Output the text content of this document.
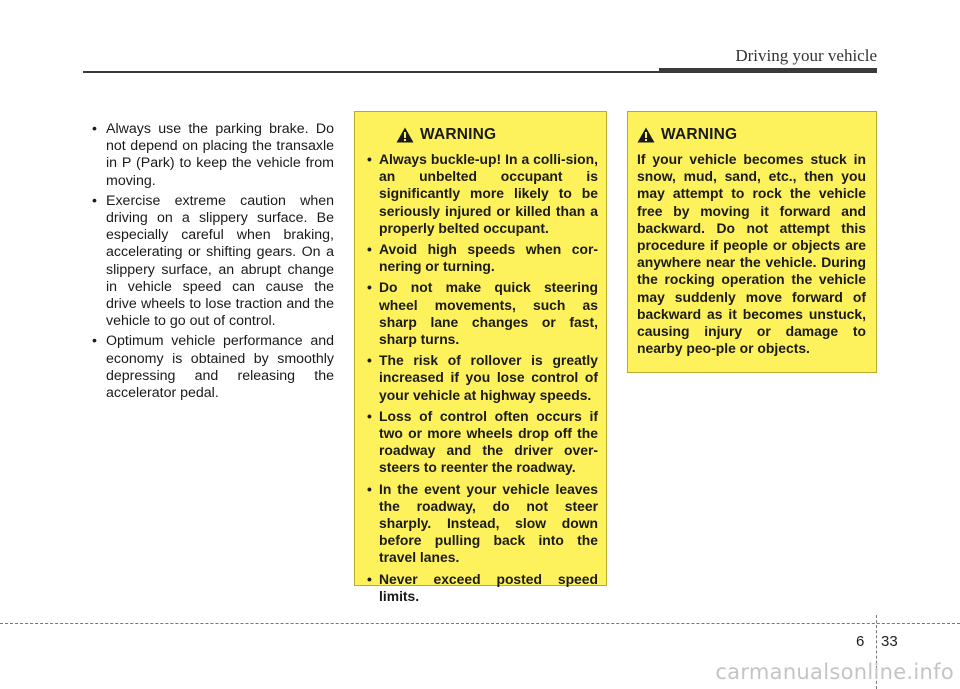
Driving your vehicle
• Always use the parking brake. Do not depend on placing the transaxle in P (Park) to keep the vehicle from moving.
• Exercise extreme caution when driving on a slippery surface. Be especially careful when braking, accelerating or shifting gears. On a slippery surface, an abrupt change in vehicle speed can cause the drive wheels to lose traction and the vehicle to go out of control.
• Optimum vehicle performance and economy is obtained by smoothly depressing and releasing the accelerator pedal.
WARNING
• Always buckle-up! In a colli-sion, an unbelted occupant is significantly more likely to be seriously injured or killed than a properly belted occupant.
• Avoid high speeds when cor-nering or turning.
• Do not make quick steering wheel movements, such as sharp lane changes or fast, sharp turns.
• The risk of rollover is greatly increased if you lose control of your vehicle at highway speeds.
• Loss of control often occurs if two or more wheels drop off the roadway and the driver over-steers to reenter the roadway.
• In the event your vehicle leaves the roadway, do not steer sharply. Instead, slow down before pulling back into the travel lanes.
• Never exceed posted speed limits.
WARNING

If your vehicle becomes stuck in snow, mud, sand, etc., then you may attempt to rock the vehicle free by moving it forward and backward. Do not attempt this procedure if people or objects are anywhere near the vehicle. During the rocking operation the vehicle may suddenly move forward of backward as it becomes unstuck, causing injury or damage to nearby peo-ple or objects.

6 33
carmanualsonline.info
